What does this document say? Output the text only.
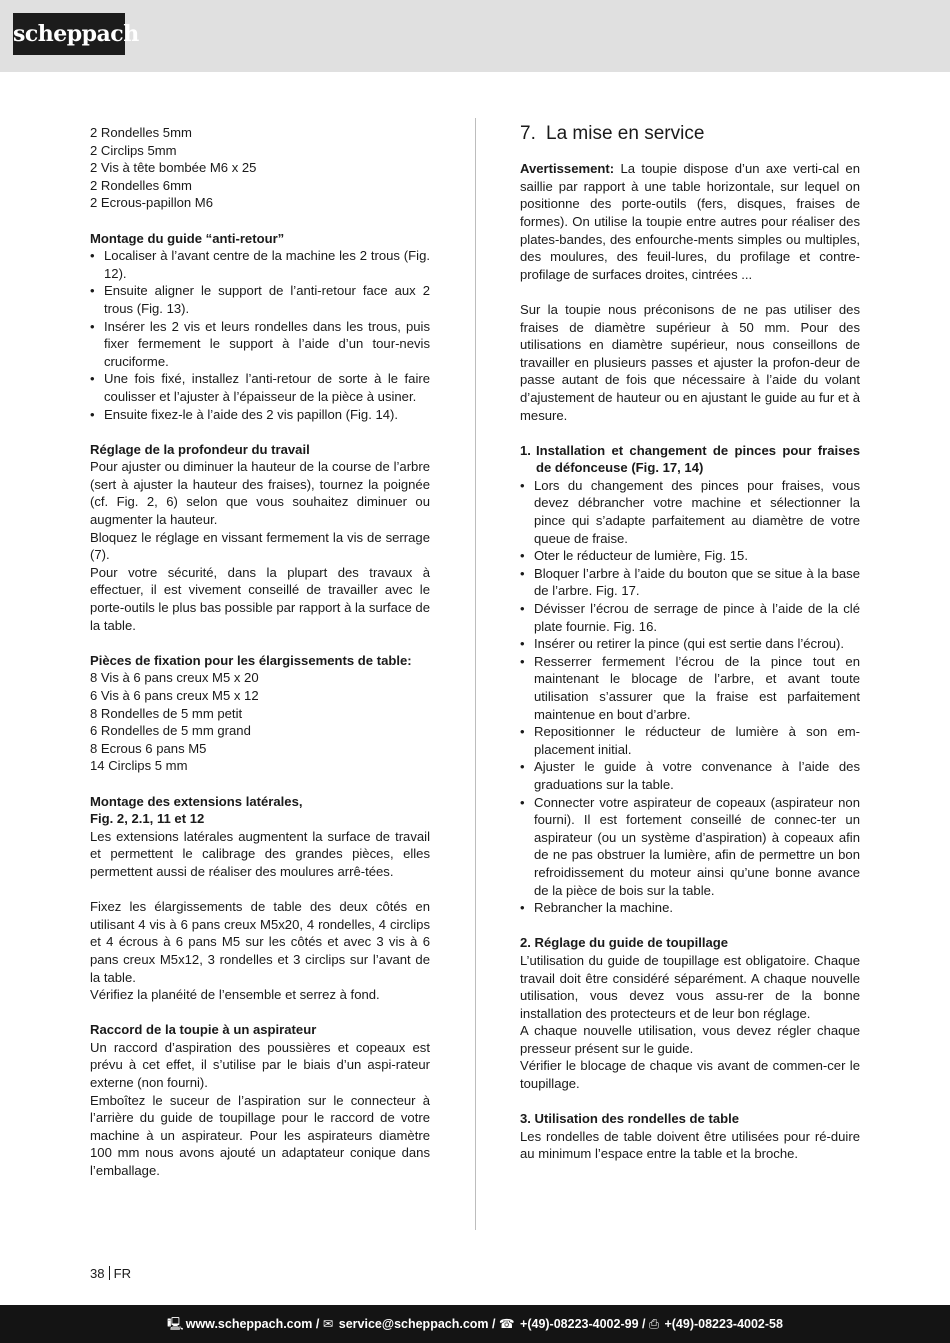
scheppach
2 Rondelles 5mm
2 Circlips 5mm
2 Vis à tête bombée M6 x 25
2 Rondelles 6mm
2 Ecrous-papillon M6

Montage du guide “anti-retour”

• Localiser à l’avant centre de la machine les 2 trous (Fig. 12).
• Ensuite aligner le support de l’anti-retour face aux 2 trous (Fig. 13).
• Insérer les 2 vis et leurs rondelles dans les trous, puis fixer fermement le support à l’aide d’un tour-nevis cruciforme.
• Une fois fixé, installez l’anti-retour de sorte à le faire coulisser et l’ajuster à l’épaisseur de la pièce à usiner.
• Ensuite fixez-le à l’aide des 2 vis papillon (Fig. 14).

Réglage de la profondeur du travail

Pour ajuster ou diminuer la hauteur de la course de l’arbre (sert à ajuster la hauteur des fraises), tournez la poignée (cf. Fig. 2, 6) selon que vous souhaitez diminuer ou augmenter la hauteur.

Bloquez le réglage en vissant fermement la vis de serrage (7).

Pour votre sécurité, dans la plupart des travaux à effectuer, il est vivement conseillé de travailler avec le porte-outils le plus bas possible par rapport à la surface de la table.

Pièces de fixation pour les élargissements de table:

8 Vis à 6 pans creux M5 x 20
6 Vis à 6 pans creux M5 x 12
8 Rondelles de 5 mm petit
6 Rondelles de 5 mm grand
8 Ecrous 6 pans M5
14 Circlips 5 mm

Montage des extensions latérales,

Fig. 2, 2.1, 11 et 12

Les extensions latérales augmentent la surface de travail et permettent le calibrage des grandes pièces, elles permettent aussi de réaliser des moulures arrê-tées.

Fixez les élargissements de table des deux côtés en utilisant 4 vis à 6 pans creux M5x20, 4 rondelles, 4 circlips et 4 écrous à 6 pans M5 sur les côtés et avec 3 vis à 6 pans creux M5x12, 3 rondelles et 3 circlips sur l’avant de la table.

Vérifiez la planéité de l’ensemble et serrez à fond.

Raccord de la toupie à un aspirateur

Un raccord d’aspiration des poussières et copeaux est prévu à cet effet, il s’utilise par le biais d’un aspi-rateur externe (non fourni).

Emboîtez le suceur de l’aspiration sur le connecteur à l’arrière du guide de toupillage pour le raccord de votre machine à un aspirateur. Pour les aspirateurs diamètre 100 mm nous avons ajouté un adaptateur conique dans l’emballage.

7. La mise en service

Avertissement: La toupie dispose d’un axe verti-cal en saillie par rapport à une table horizontale, sur lequel on positionne des porte-outils (fers, disques, fraises de formes). On utilise la toupie entre autres pour réaliser des plates-bandes, des enfourche-ments simples ou multiples, des moulures, des feuil-lures, du profilage et contre-profilage de surfaces droites, cintrées ...

Sur la toupie nous préconisons de ne pas utiliser des fraises de diamètre supérieur à 50 mm. Pour des utilisations en diamètre supérieur, nous conseillons de travailler en plusieurs passes et ajuster la profon-deur de passe autant de fois que nécessaire à l’aide du volant d’ajustement de hauteur ou en ajustant le guide au fur et à mesure.

1. Installation et changement de pinces pour fraises de défonceuse (Fig. 17, 14)

• Lors du changement des pinces pour fraises, vous devez débrancher votre machine et sélectionner la pince qui s’adapte parfaitement au diamètre de votre queue de fraise.
• Oter le réducteur de lumière, Fig. 15.
• Bloquer l’arbre à l’aide du bouton que se situe à la base de l’arbre. Fig. 17.
• Dévisser l’écrou de serrage de pince à l’aide de la clé plate fournie. Fig. 16.
• Insérer ou retirer la pince (qui est sertie dans l’écrou).
• Resserrer fermement l’écrou de la pince tout en maintenant le blocage de l’arbre, et avant toute utilisation s’assurer que la fraise est parfaitement maintenue en bout d’arbre.
• Repositionner le réducteur de lumière à son em-placement initial.
• Ajuster le guide à votre convenance à l’aide des graduations sur la table.
• Connecter votre aspirateur de copeaux (aspirateur non fourni). Il est fortement conseillé de connec-ter un aspirateur (ou un système d’aspiration) à copeaux afin de ne pas obstruer la lumière, afin de permettre un bon refroidissement du moteur ainsi qu’une bonne avance de la pièce de bois sur la table.
• Rebrancher la machine.

2. Réglage du guide de toupillage

L’utilisation du guide de toupillage est obligatoire. Chaque travail doit être considéré séparément. A chaque nouvelle utilisation, vous devez vous assu-rer de la bonne installation des protecteurs et de leur bon réglage.

A chaque nouvelle utilisation, vous devez régler chaque presseur présent sur le guide.

Vérifier le blocage de chaque vis avant de commen-cer le toupillage.

3. Utilisation des rondelles de table

Les rondelles de table doivent être utilisées pour ré-duire au minimum l’espace entre la table et la broche.

38 FR
🖳 www.scheppach.com / ✉ service@scheppach.com / ☎ +(49)-08223-4002-99 / ⎙ +(49)-08223-4002-58
